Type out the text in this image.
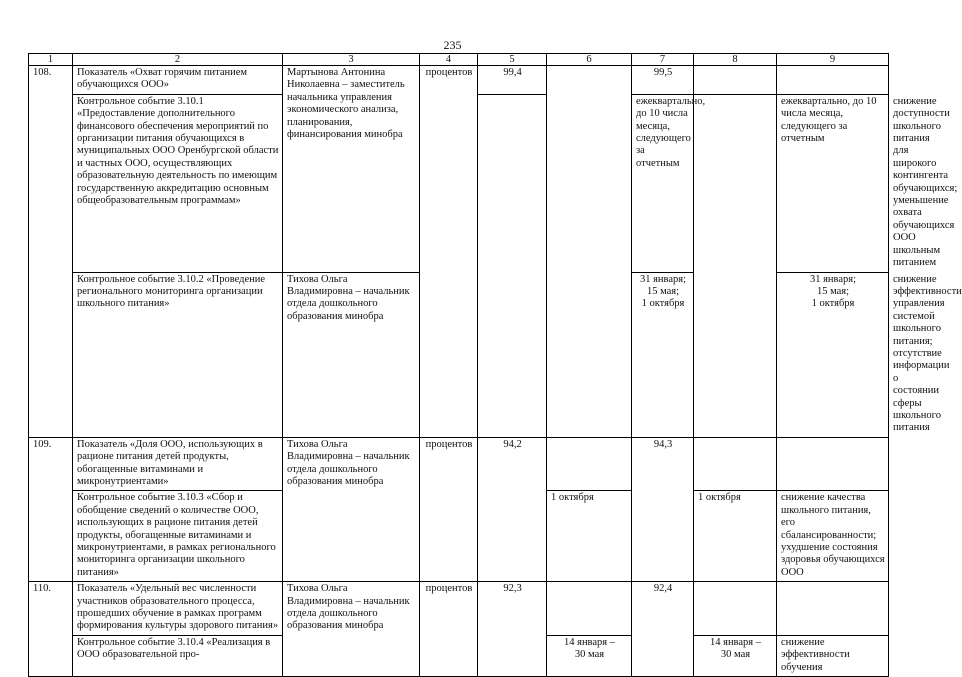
235
1	2	3	4	5	6	7	8	9	
108.	Показатель «Охват горячим питанием обучающихся ООО»	Мартынова Антонина Николаевна – заместитель начальника управления экономического анализа, планирования, финансирования минобра	процентов	99,4		99,5			
	Контрольное событие 3.10.1 «Предоставление дополнительного финансового обеспечения мероприятий по организации питания обучающихся в муниципальных ООО Оренбургской области и частных ООО, осуществляющих образовательную деятельность по имеющим государственную аккредитацию основным общеобразовательным программам»					ежеквартально, до 10 числа месяца, следующего за отчетным		ежеквартально, до 10 числа месяца, следующего за отчетным	снижение доступности школьного питания для широкого контингента обучающихся;
уменьшение охвата обучающихся ООО школьным питанием
	Контрольное событие 3.10.2 «Проведение регионального мониторинга организации школьного питания»	Тихова Ольга Владимировна – начальник отдела дошкольного образования минобра				31 января;
15 мая;
1 октября		31 января;
15 мая;
1 октября	снижение эффективности управления системой школьного питания;
отсутствие информации о состоянии сферы школьного питания
109.	Показатель «Доля ООО, использующих в рационе питания детей продукты, обогащенные витаминами и микронутриентами»	Тихова Ольга Владимировна – начальник отдела дошкольного образования минобра	процентов	94,2		94,3			
	Контрольное событие 3.10.3 «Сбор и обобщение сведений о количестве ООО, использующих в рационе питания детей продукты, обогащенные витаминами и микронутриентами, в рамках регионального мониторинга организации школьного питания»				1 октября		1 октября	снижение качества школьного питания, его сбалансированности;
ухудшение состояния здоровья обучающихся ООО	
110.	Показатель «Удельный вес численности участников образовательного процесса, прошедших обучение в рамках программ формирования культуры здорового питания»	Тихова Ольга Владимировна – начальник отдела дошкольного образования минобра	процентов	92,3		92,4			
	Контрольное событие 3.10.4 «Реализация в ООО образовательной про-				14 января –
30 мая		14 января –
30 мая	снижение эффективности обучения	
